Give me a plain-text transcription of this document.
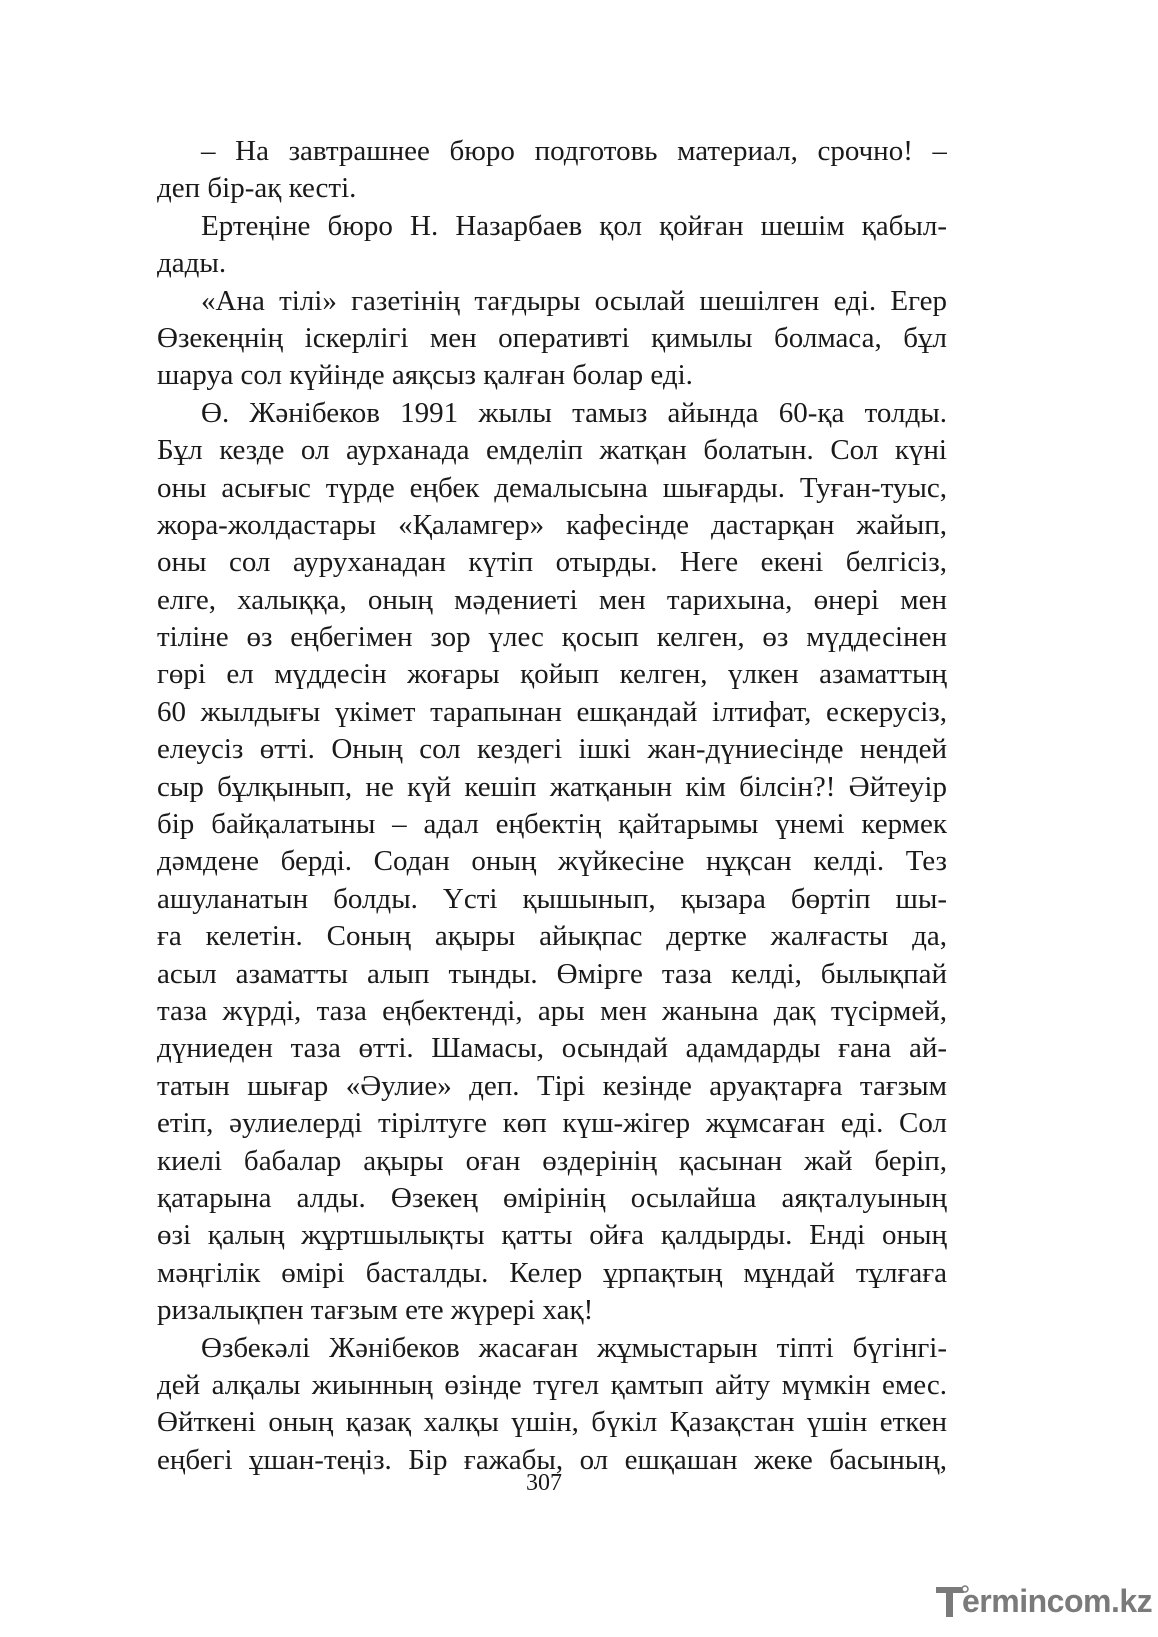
– На завтрашнее бюро подготовь материал, срочно! –
деп бір-ақ кесті.
Ертеңіне бюро Н. Назарбаев қол қойған шешім қабыл-
дады.
«Ана тілі» газетінің тағдыры осылай шешілген еді. Егер
Өзекеңнің іскерлігі мен оперативті қимылы болмаса, бұл
шаруа сол күйінде аяқсыз қалған болар еді.
Ө. Жәнібеков 1991 жылы тамыз айында 60-қа толды.
Бұл кезде ол аурханада емделіп жатқан болатын. Сол күні
оны асығыс түрде еңбек демалысына шығарды. Туған-туыс,
жора-жолдастары «Қаламгер» кафесінде дастарқан жайып,
оны сол ауруханадан күтіп отырды. Неге екені белгісіз,
елге, халыққа, оның мәдениеті мен тарихына, өнері мен
тіліне өз еңбегімен зор үлес қосып келген, өз мүддесінен
гөрі ел мүддесін жоғары қойып келген, үлкен азаматтың
60 жылдығы үкімет тарапынан ешқандай ілтифат, ескерусіз,
елеусіз өтті. Оның сол кездегі ішкі жан-дүниесінде нендей
сыр бұлқынып, не күй кешіп жатқанын кім білсін?! Әйтеуір
бір байқалатыны – адал еңбектің қайтарымы үнемі кермек
дәмдене берді. Содан оның жүйкесіне нұқсан келді. Тез
ашуланатын болды. Үсті қышынып, қызара бөртіп шы-
ға келетін. Соның ақыры айықпас дертке жалғасты да,
асыл азаматты алып тынды. Өмірге таза келді, былықпай
таза жүрді, таза еңбектенді, ары мен жанына дақ түсірмей,
дүниеден таза өтті. Шамасы, осындай адамдарды ғана ай-
татын шығар «Әулие» деп. Тірі кезінде аруақтарға тағзым
етіп, әулиелерді тірілтуге көп күш-жігер жұмсаған еді. Сол
киелі бабалар ақыры оған өздерінің қасынан жай беріп,
қатарына алды. Өзекең өмірінің осылайша аяқталуының
өзі қалың жұртшылықты қатты ойға қалдырды. Енді оның
мәңгілік өмірі басталды. Келер ұрпақтың мұндай тұлғаға
ризалықпен тағзым ете жүрері хақ!
Өзбекәлі Жәнібеков жасаған жұмыстарын тіпті бүгінгі-
дей алқалы жиынның өзінде түгел қамтып айту мүмкін емес.
Өйткені оның қазақ халқы үшін, бүкіл Қазақстан үшін еткен
еңбегі ұшан-теңіз. Бір ғажабы, ол ешқашан жеке басының,
307
ermincom.kz
